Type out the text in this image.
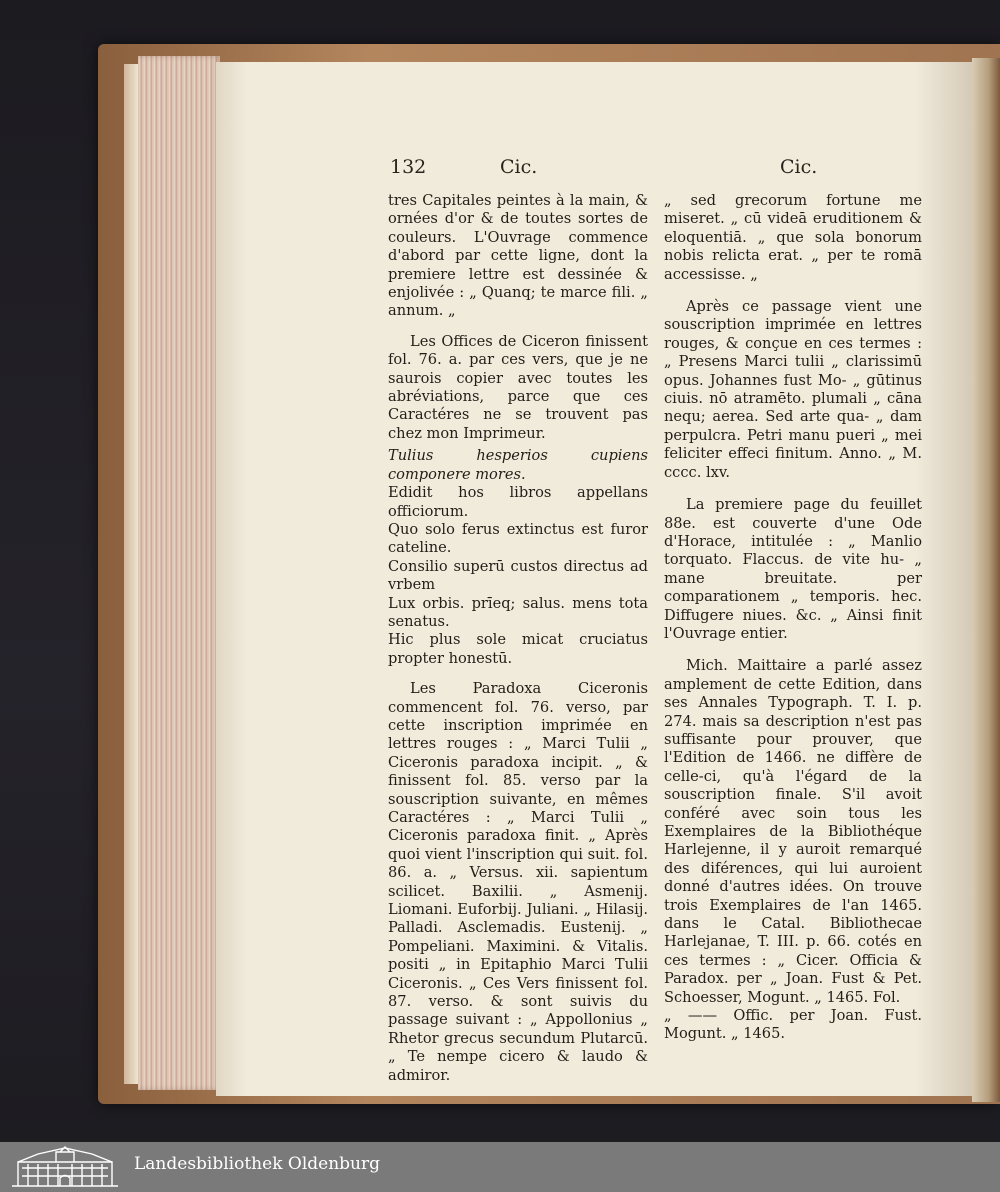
132	Cic.	Cic.

tres Capitales peintes à la main, & ornées d'or & de toutes sortes de couleurs. L'Ouvrage commence d'abord par cette ligne, dont la premiere lettre est dessinée & enjolivée : „ Quanq; te marce fili. „ annum. „

Les Offices de Ciceron finissent fol. 76. a. par ces vers, que je ne saurois copier avec toutes les abréviations, parce que ces Caractéres ne se trouvent pas chez mon Imprimeur.

Tulius hesperios cupiens componere mores.

Edidit hos libros appellans officiorum.

Quo solo ferus extinctus est furor cateline.

Consilio superū custos directus ad vrbem

Lux orbis. prīeq; salus. mens tota senatus.

Hic plus sole micat cruciatus propter honestū.

Les Paradoxa Ciceronis commencent fol. 76. verso, par cette inscription imprimée en lettres rouges : „ Marci Tulii „ Ciceronis paradoxa incipit. „ & finissent fol. 85. verso par la souscription suivante, en mêmes Caractéres : „ Marci Tulii „ Ciceronis paradoxa finit. „ Après quoi vient l'inscription qui suit. fol. 86. a. „ Versus. xii. sapientum scilicet. Baxilii. „ Asmenij. Liomani. Euforbij. Juliani. „ Hilasij. Palladi. Asclemadis. Eustenij. „ Pompeliani. Maximini. & Vitalis. positi „ in Epitaphio Marci Tulii Ciceronis. „ Ces Vers finissent fol. 87. verso. & sont suivis du passage suivant : „ Appollonius „ Rhetor grecus secundum Plutarcū. „ Te nempe cicero & laudo & admiror.

„ sed grecorum fortune me miseret. „ cū videā eruditionem & eloquentiā. „ que sola bonorum nobis relicta erat. „ per te romā accessisse. „

Après ce passage vient une souscription imprimée en lettres rouges, & conçue en ces termes : „ Presens Marci tulii „ clarissimū opus. Johannes fust Mo- „ gūtinus ciuis. nō atramēto. plumali „ cāna nequ; aerea. Sed arte qua- „ dam perpulcra. Petri manu pueri „ mei feliciter effeci finitum. Anno. „ M. cccc. lxv.

La premiere page du feuillet 88e. est couverte d'une Ode d'Horace, intitulée : „ Manlio torquato. Flaccus. de vite hu- „ mane breuitate. per comparationem „ temporis. hec. Diffugere niues. &c. „ Ainsi finit l'Ouvrage entier.

Mich. Maittaire a parlé assez amplement de cette Edition, dans ses Annales Typograph. T. I. p. 274. mais sa description n'est pas suffisante pour prouver, que l'Edition de 1466. ne diffère de celle-ci, qu'à l'égard de la souscription finale. S'il avoit conféré avec soin tous les Exemplaires de la Bibliothéque Harlejenne, il y auroit remarqué des diférences, qui lui auroient donné d'autres idées. On trouve trois Exemplaires de l'an 1465. dans le Catal. Bibliothecae Harlejanae, T. III. p. 66. cotés en ces termes : „ Cicer. Officia & Paradox. per „ Joan. Fust & Pet. Schoesser, Mogunt. „ 1465. Fol.

„ —— Offic. per Joan. Fust. Mogunt. „ 1465.

Landesbibliothek Oldenburg
